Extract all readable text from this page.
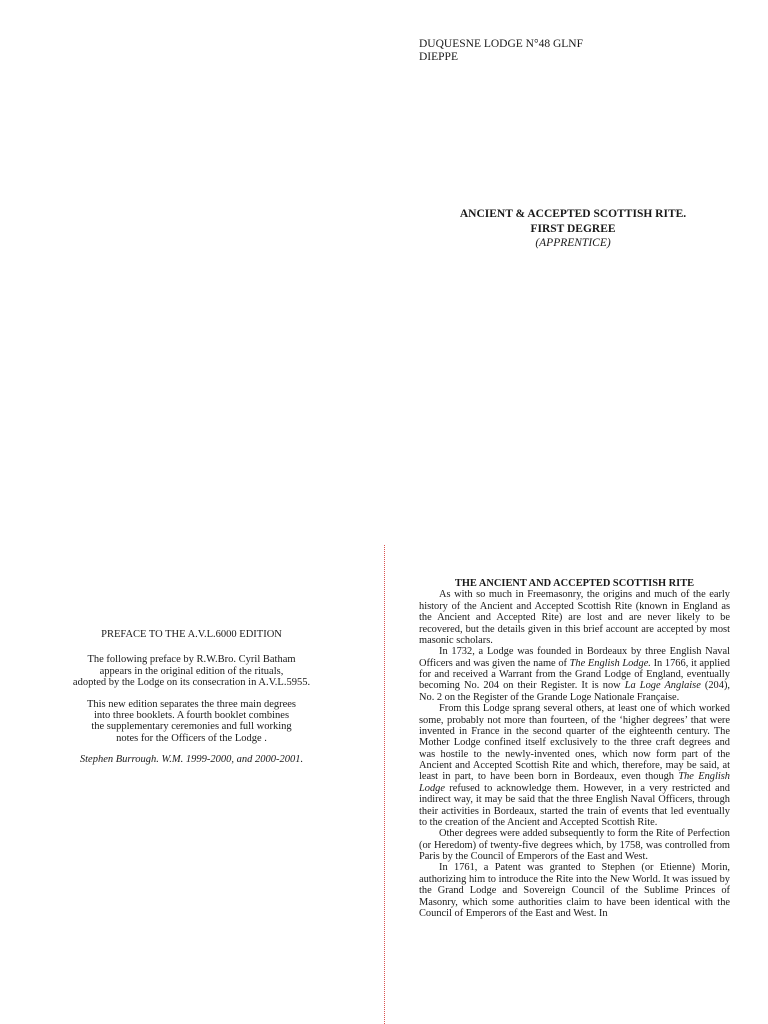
DUQUESNE LODGE N°48 GLNF
DIEPPE
ANCIENT & ACCEPTED SCOTTISH RITE.
FIRST DEGREE
(APPRENTICE)

PREFACE TO THE A.V.L.6000 EDITION

The following preface by R.W.Bro. Cyril Batham
appears in the original edition of the rituals,
adopted by the Lodge on its consecration in A.V.L.5955.
This new edition separates the three main degrees
into three booklets. A fourth booklet combines
the supplementary ceremonies and full working
notes for the Officers of the Lodge .

Stephen Burrough. W.M. 1999-2000, and 2000-2001.

THE ANCIENT AND ACCEPTED SCOTTISH RITE

As with so much in Freemasonry, the origins and much of the early history of the Ancient and Accepted Scottish Rite (known in England as the Ancient and Accepted Rite) are lost and are never likely to be recovered, but the details given in this brief account are accepted by most masonic scholars.

In 1732, a Lodge was founded in Bordeaux by three English Naval Officers and was given the name of The English Lodge. In 1766, it applied for and received a Warrant from the Grand Lodge of England, eventually becoming No. 204 on their Register. It is now La Loge Anglaise (204), No. 2 on the Register of the Grande Loge Nationale Française.

From this Lodge sprang several others, at least one of which worked some, probably not more than fourteen, of the ‘higher degrees’ that were invented in France in the second quarter of the eighteenth century. The Mother Lodge confined itself exclusively to the three craft degrees and was hostile to the newly-invented ones, which now form part of the Ancient and Accepted Scottish Rite and which, therefore, may be said, at least in part, to have been born in Bordeaux, even though The English Lodge refused to acknowledge them. However, in a very restricted and indirect way, it may be said that the three English Naval Officers, through their activities in Bordeaux, started the train of events that led eventually to the creation of the Ancient and Accepted Scottish Rite.

Other degrees were added subsequently to form the Rite of Perfection (or Heredom) of twenty-five degrees which, by 1758, was controlled from Paris by the Council of Emperors of the East and West.

In 1761, a Patent was granted to Stephen (or Etienne) Morin, authorizing him to introduce the Rite into the New World. It was issued by the Grand Lodge and Sovereign Council of the Sublime Princes of Masonry, which some authorities claim to have been identical with the Council of Emperors of the East and West. In
